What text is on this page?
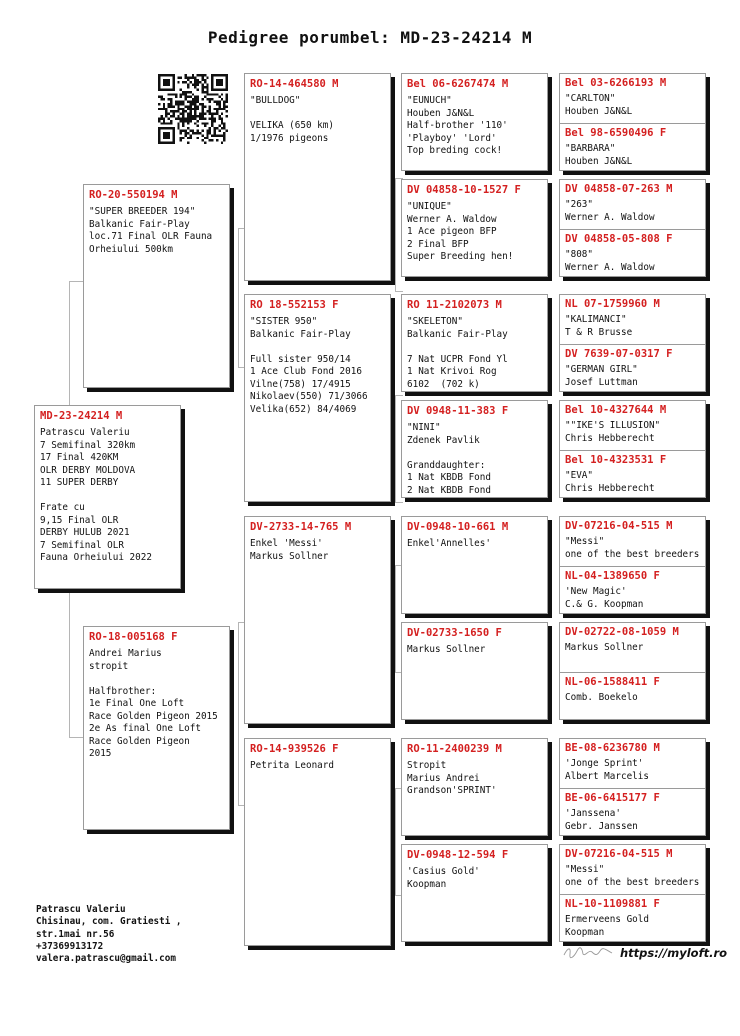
Pedigree porumbel: MD-23-24214 M
MD-23-24214 M
Patrascu Valeriu
7 Semifinal 320km
17 Final 420KM
OLR DERBY MOLDOVA
11 SUPER DERBY

Frate cu
9,15 Final OLR
DERBY HULUB 2021
7 Semifinal OLR
Fauna Orheiului 2022
RO-20-550194 M
"SUPER BREEDER 194"
Balkanic Fair-Play
loc.71 Final OLR Fauna
Orheiului 500km
RO-18-005168 F
Andrei Marius
stropit

Halfbrother:
1e Final One Loft
Race Golden Pigeon 2015
2e As final One Loft
Race Golden Pigeon
2015
RO-14-464580 M
"BULLDOG"

VELIKA (650 km)
1/1976 pigeons
RO 18-552153 F
"SISTER 950"
Balkanic Fair-Play

Full sister 950/14
1 Ace Club Fond 2016
Vilne(758) 17/4915
Nikolaev(550) 71/3066
Velika(652) 84/4069
DV-2733-14-765 M
Enkel 'Messi'
Markus Sollner
RO-14-939526 F
Petrita Leonard
Bel 06-6267474 M
"EUNUCH"
Houben J&N&L
Half-brother '110'
'Playboy' 'Lord'
Top breding cock!
DV 04858-10-1527 F
"UNIQUE"
Werner A. Waldow
1 Ace pigeon BFP
2 Final BFP
Super Breeding hen!
RO 11-2102073 M
"SKELETON"
Balkanic Fair-Play

7 Nat UCPR Fond Yl
1 Nat Krivoi Rog
6102  (702 k)
DV 0948-11-383 F
"NINI"
Zdenek Pavlik

Granddaughter:
1 Nat KBDB Fond
2 Nat KBDB Fond
DV-0948-10-661 M
Enkel'Annelles'
DV-02733-1650 F
Markus Sollner
RO-11-2400239 M
Stropit
Marius Andrei
Grandson'SPRINT'
DV-0948-12-594 F
'Casius Gold'
Koopman
Bel 03-6266193 M
"CARLTON"
Houben J&N&L
Bel 98-6590496 F
"BARBARA"
Houben J&N&L
DV 04858-07-263 M
"263"
Werner A. Waldow
DV 04858-05-808 F
"808"
Werner A. Waldow
NL 07-1759960 M
"KALIMANCI"
T & R Brusse
DV 7639-07-0317 F
"GERMAN GIRL"
Josef Luttman
Bel 10-4327644 M
""IKE'S ILLUSION"
Chris Hebberecht
Bel 10-4323531 F
"EVA"
Chris Hebberecht
DV-07216-04-515 M
"Messi"
one of the best breeders
NL-04-1389650 F
'New Magic'
C.& G. Koopman
DV-02722-08-1059 M
Markus Sollner
NL-06-1588411 F
Comb. Boekelo
BE-08-6236780 M
'Jonge Sprint'
Albert Marcelis
BE-06-6415177 F
'Janssena'
Gebr. Janssen
DV-07216-04-515 M
"Messi"
one of the best breeders
NL-10-1109881 F
Ermerveens Gold
Koopman
Patrascu Valeriu
Chisinau, com. Gratiesti ,
str.1mai nr.56
+37369913172
valera.patrascu@gmail.com	https://myloft.ro
